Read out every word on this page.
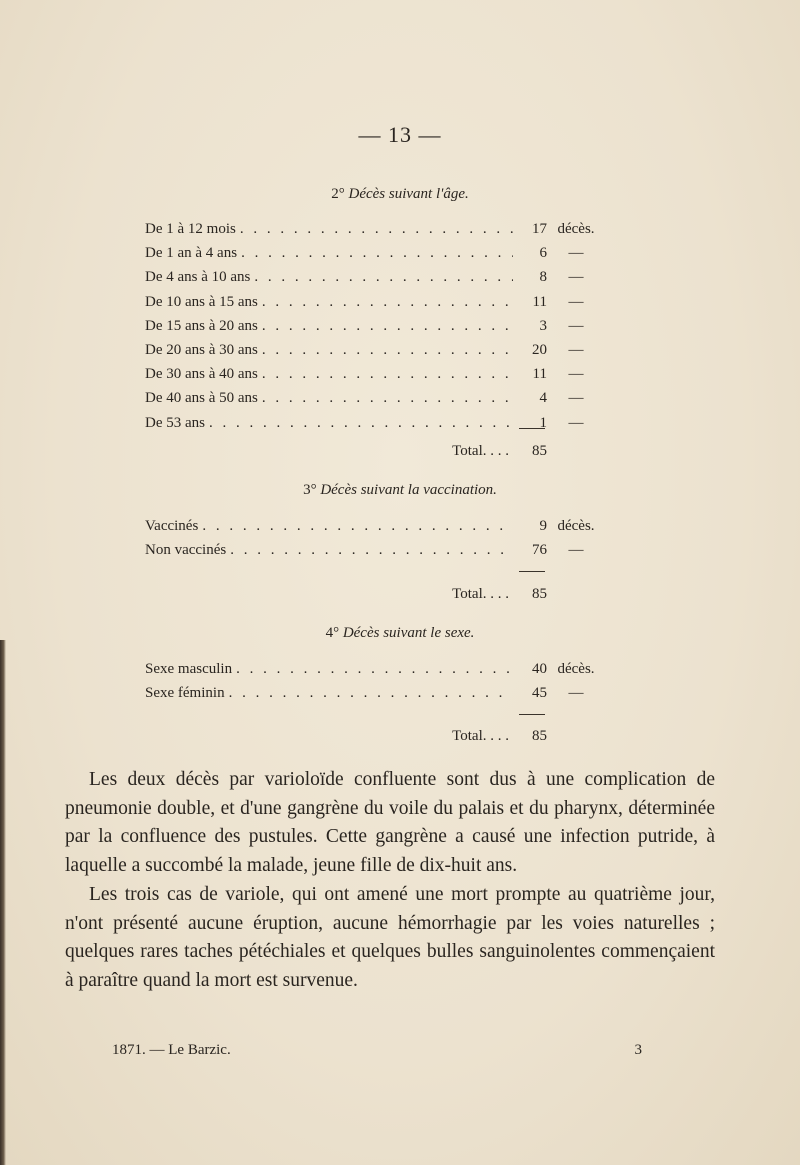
— 13 —
2° Décès suivant l'âge.
De 1 à 12 mois . . .	17 décès.
De 1 an à 4 ans . . .	6	—
De 4 ans à 10 ans . . .	8	—
De 10 ans à 15 ans . . .	11	—
De 15 ans à 20 ans . . .	3	—
De 20 ans à 30 ans . . .	20	—
De 30 ans à 40 ans . . .	11	—
De 40 ans à 50 ans . . .	4	—
De 53 ans . . .	1	—
Total. . . .	85
3° Décès suivant la vaccination.
Vaccinés . . .	9 décès.
Non vaccinés . . .	76	—
Total. . . .	85
4° Décès suivant le sexe.
Sexe masculin . . .	40 décès.
Sexe féminin . . .	45	—
Total. . . .	85

Les deux décès par varioloïde confluente sont dus à une complication de pneumonie double, et d'une gangrène du voile du palais et du pharynx, déterminée par la confluence des pustules. Cette gangrène a causé une infection putride, à laquelle a succombé la malade, jeune fille de dix-huit ans.

Les trois cas de variole, qui ont amené une mort prompte au quatrième jour, n'ont présenté aucune éruption, aucune hémorrhagie par les voies naturelles ; quelques rares taches pétéchiales et quelques bulles sanguinolentes commençaient à paraître quand la mort est survenue.

1871. — Le Barzic.	3
